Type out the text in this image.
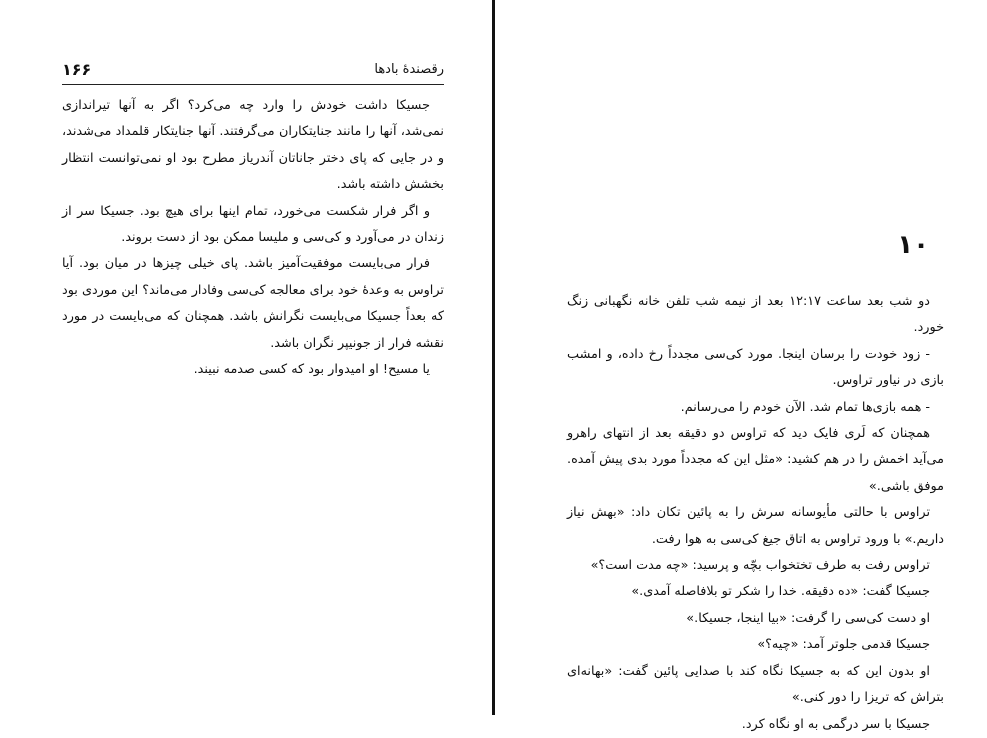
۱۶۶	رقصنده‌ٔ بادها

جسیکا داشت خودش را وارد چه می‌کرد؟ اگر به آنها تیراندازی نمی‌شد، آنها را مانند جنایتکاران می‌گرفتند. آنها جنایتکار قلمداد می‌شدند، و در جایی که پای دختر جاناتان آندریاز مطرح بود او نمی‌توانست انتظار بخشش داشته باشد.

و اگر فرار شکست می‌خورد، تمام اینها برای هیچ بود. جسیکا سر از زندان در می‌آورد و کی‌سی و ملیسا ممکن بود از دست بروند.

فرار می‌بایست موفقیت‌آمیز باشد. پای خیلی چیزها در میان بود. آیا تراوس به وعدهٔ خود برای معالجه کی‌سی وفادار می‌ماند؟ این موردی بود که بعداً جسیکا می‌بایست نگرانش باشد. همچنان که می‌بایست در مورد نقشه فرار از جونیپر نگران باشد.

یا مسیح! او امیدوار بود که کسی صدمه نبیند.

۱۰

دو شب بعد ساعت ۱۲:۱۷ بعد از نیمه شب تلفن خانه نگهبانی زنگ خورد.

- زود خودت را برسان اینجا. مورد کی‌سی مجدداً رخ داده، و امشب بازی در نیاور تراوس.

- همه بازی‌ها تمام شد. الآن خودم را می‌رسانم.

همچنان که لَری فایک دید که تراوس دو دقیقه بعد از انتهای راهرو می‌آید اخمش را در هم کشید: «مثل این که مجدداً مورد بدی پیش آمده. موفق باشی.»

تراوس با حالتی مأیوسانه سرش را به پائین تکان داد: «بهش نیاز داریم.» با ورود تراوس به اتاق جیغ کی‌سی به هوا رفت.

تراوس رفت به طرف تختخواب بچّه و پرسید: «چه مدت است؟»

جسیکا گفت: «ده دقیقه. خدا را شکر تو بلافاصله آمدی.»

او دست کی‌سی را گرفت: «بیا اینجا، جسیکا.»

جسیکا قدمی جلوتر آمد: «چیه؟»

او بدون این که به جسیکا نگاه کند با صدایی پائین گفت: «بهانه‌ای بتراش که تریزا را دور کنی.»

جسیکا با سر درگمی به او نگاه کرد.
